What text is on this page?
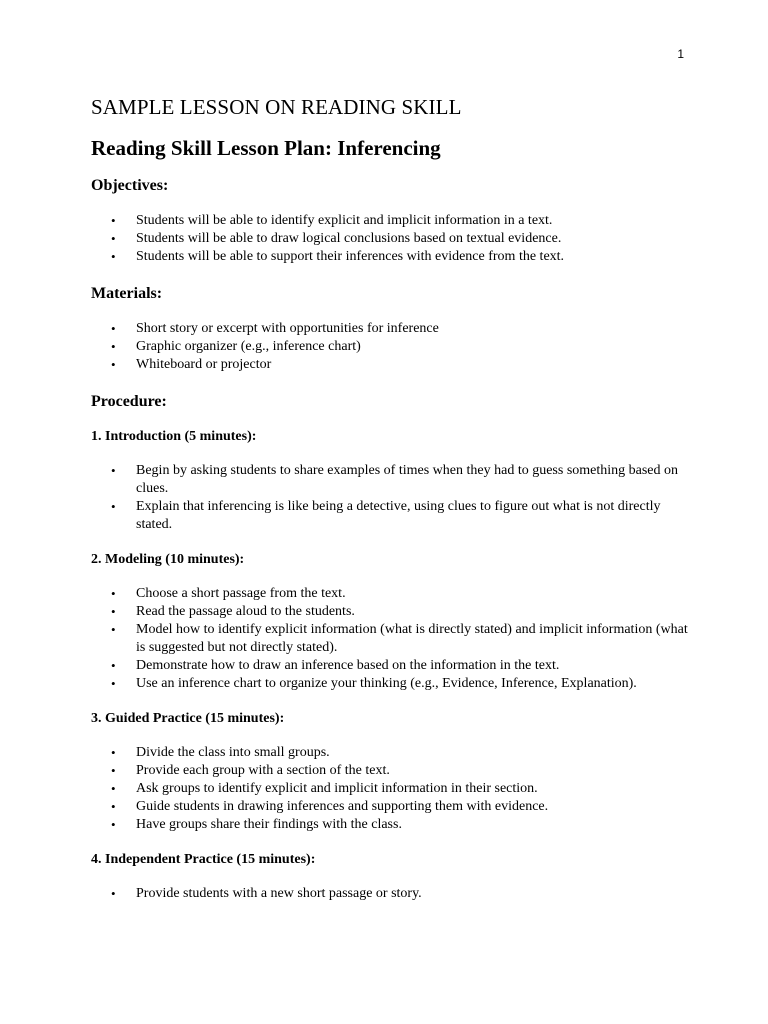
1
SAMPLE LESSON ON READING SKILL
Reading Skill Lesson Plan: Inferencing
Objectives:
• Students will be able to identify explicit and implicit information in a text.
• Students will be able to draw logical conclusions based on textual evidence.
• Students will be able to support their inferences with evidence from the text.
Materials:
• Short story or excerpt with opportunities for inference
• Graphic organizer (e.g., inference chart)
• Whiteboard or projector
Procedure:
1. Introduction (5 minutes):
• Begin by asking students to share examples of times when they had to guess something based on clues.
• Explain that inferencing is like being a detective, using clues to figure out what is not directly stated.
2. Modeling (10 minutes):
• Choose a short passage from the text.
• Read the passage aloud to the students.
• Model how to identify explicit information (what is directly stated) and implicit information (what is suggested but not directly stated).
• Demonstrate how to draw an inference based on the information in the text.
• Use an inference chart to organize your thinking (e.g., Evidence, Inference, Explanation).
3. Guided Practice (15 minutes):
• Divide the class into small groups.
• Provide each group with a section of the text.
• Ask groups to identify explicit and implicit information in their section.
• Guide students in drawing inferences and supporting them with evidence.
• Have groups share their findings with the class.
4. Independent Practice (15 minutes):
• Provide students with a new short passage or story.
